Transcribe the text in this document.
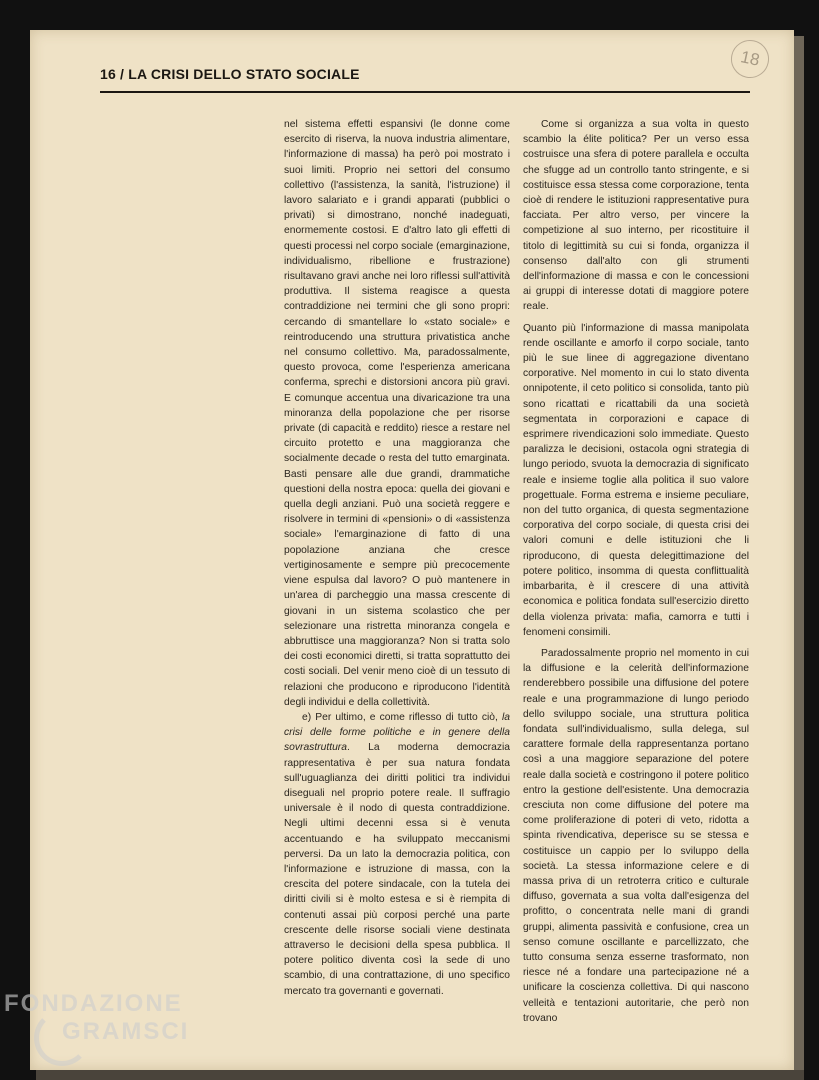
16 / LA CRISI DELLO STATO SOCIALE
18

nel sistema effetti espansivi (le donne come esercito di riserva, la nuova industria alimentare, l'informazione di massa) ha però poi mostrato i suoi limiti. Proprio nei settori del consumo collettivo (l'assistenza, la sanità, l'istruzione) il lavoro salariato e i grandi apparati (pubblici o privati) si dimostrano, nonché inadeguati, enormemente costosi. E d'altro lato gli effetti di questi processi nel corpo sociale (emarginazione, individualismo, ribellione e frustrazione) risultavano gravi anche nei loro riflessi sull'attività produttiva. Il sistema reagisce a questa contraddizione nei termini che gli sono propri: cercando di smantellare lo «stato sociale» e reintroducendo una struttura privatistica anche nel consumo collettivo. Ma, paradossalmente, questo provoca, come l'esperienza americana conferma, sprechi e distorsioni ancora più gravi. E comunque accentua una divaricazione tra una minoranza della popolazione che per risorse private (di capacità e reddito) riesce a restare nel circuito protetto e una maggioranza che socialmente decade o resta del tutto emarginata. Basti pensare alle due grandi, drammatiche questioni della nostra epoca: quella dei giovani e quella degli anziani. Può una società reggere e risolvere in termini di «pensioni» o di «assistenza sociale» l'emarginazione di fatto di una popolazione anziana che cresce vertiginosamente e sempre più precocemente viene espulsa dal lavoro? O può mantenere in un'area di parcheggio una massa crescente di giovani in un sistema scolastico che per selezionare una ristretta minoranza congela e abbruttisce una maggioranza? Non si tratta solo dei costi economici diretti, si tratta soprattutto dei costi sociali. Del venir meno cioè di un tessuto di relazioni che producono e riproducono l'identità degli individui e della collettività.

e) Per ultimo, e come riflesso di tutto ciò, la crisi delle forme politiche e in genere della sovrastruttura. La moderna democrazia rappresentativa è per sua natura fondata sull'uguaglianza dei diritti politici tra individui diseguali nel proprio potere reale. Il suffragio universale è il nodo di questa contraddizione. Negli ultimi decenni essa si è venuta accentuando e ha sviluppato meccanismi perversi. Da un lato la democrazia politica, con l'informazione e istruzione di massa, con la crescita del potere sindacale, con la tutela dei diritti civili si è molto estesa e si è riempita di contenuti assai più corposi perché una parte crescente delle risorse sociali viene destinata attraverso le decisioni della spesa pubblica. Il potere politico diventa così la sede di uno scambio, di una contrattazione, di uno specifico mercato tra governanti e governati.

Come si organizza a sua volta in questo scambio la élite politica? Per un verso essa costruisce una sfera di potere parallela e occulta che sfugge ad un controllo tanto stringente, e si costituisce essa stessa come corporazione, tenta cioè di rendere le istituzioni rappresentative pura facciata. Per altro verso, per vincere la competizione al suo interno, per ricostituire il titolo di legittimità su cui si fonda, organizza il consenso dall'alto con gli strumenti dell'informazione di massa e con le concessioni ai gruppi di interesse dotati di maggiore potere reale.

Quanto più l'informazione di massa manipolata rende oscillante e amorfo il corpo sociale, tanto più le sue linee di aggregazione diventano corporative. Nel momento in cui lo stato diventa onnipotente, il ceto politico si consolida, tanto più sono ricattati e ricattabili da una società segmentata in corporazioni e capace di esprimere rivendicazioni solo immediate. Questo paralizza le decisioni, ostacola ogni strategia di lungo periodo, svuota la democrazia di significato reale e insieme toglie alla politica il suo valore progettuale. Forma estrema e insieme peculiare, non del tutto organica, di questa segmentazione corporativa del corpo sociale, di questa crisi dei valori comuni e delle istituzioni che li riproducono, di questa delegittimazione del potere politico, insomma di questa conflittualità imbarbarita, è il crescere di una attività economica e politica fondata sull'esercizio diretto della violenza privata: mafia, camorra e tutti i fenomeni consimili.

Paradossalmente proprio nel momento in cui la diffusione e la celerità dell'informazione renderebbero possibile una diffusione del potere reale e una programmazione di lungo periodo dello sviluppo sociale, una struttura politica fondata sull'individualismo, sulla delega, sul carattere formale della rappresentanza portano così a una maggiore separazione del potere reale dalla società e costringono il potere politico entro la gestione dell'esistente. Una democrazia cresciuta non come diffusione del potere ma come proliferazione di poteri di veto, ridotta a spinta rivendicativa, deperisce su se stessa e costituisce un cappio per lo sviluppo della società. La stessa informazione celere e di massa priva di un retroterra critico e culturale diffuso, governata a sua volta dall'esigenza del profitto, o concentrata nelle mani di grandi gruppi, alimenta passività e confusione, crea un senso comune oscillante e parcellizzato, che tutto consuma senza esserne trasformato, non riesce né a fondare una partecipazione né a unificare la coscienza collettiva. Di qui nascono velleità e tentazioni autoritarie, che però non trovano

FONDAZIONE
GRAMSCI
